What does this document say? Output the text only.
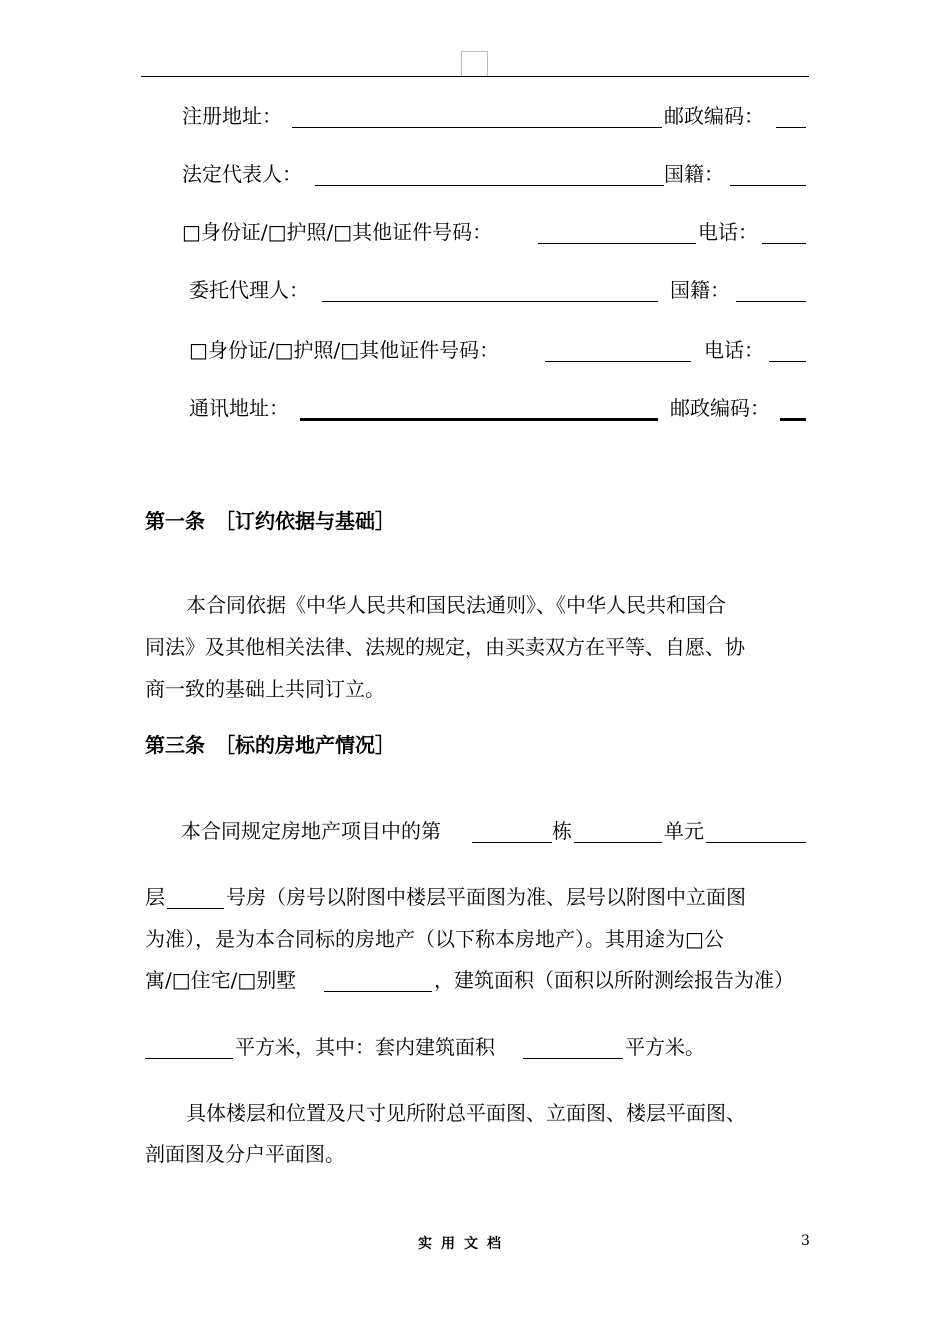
注册地址：	邮政编码：
法定代表人：	国籍：
□身份证/□护照/□其他证件号码：	电话：
委托代理人：	国籍：
□身份证/□护照/□其他证件号码：	电话：
通讯地址：	邮政编码：
第一条　［订约依据与基础］
本合同依据《中华人民共和国民法通则》、《中华人民共和国合
同法》及其他相关法律、法规的规定，由买卖双方在平等、自愿、协
商一致的基础上共同订立。
第三条　［标的房地产情况］
本合同规定房地产项目中的第	栋	单元
层	号房（房号以附图中楼层平面图为准、层号以附图中立面图
为准），是为本合同标的房地产（以下称本房地产）。其用途为□公
寓/□住宅/□别墅	，建筑面积（面积以所附测绘报告为准）
平方米，其中：套内建筑面积	平方米。
具体楼层和位置及尺寸见所附总平面图、立面图、楼层平面图、
剖面图及分户平面图。
实用文档	3
